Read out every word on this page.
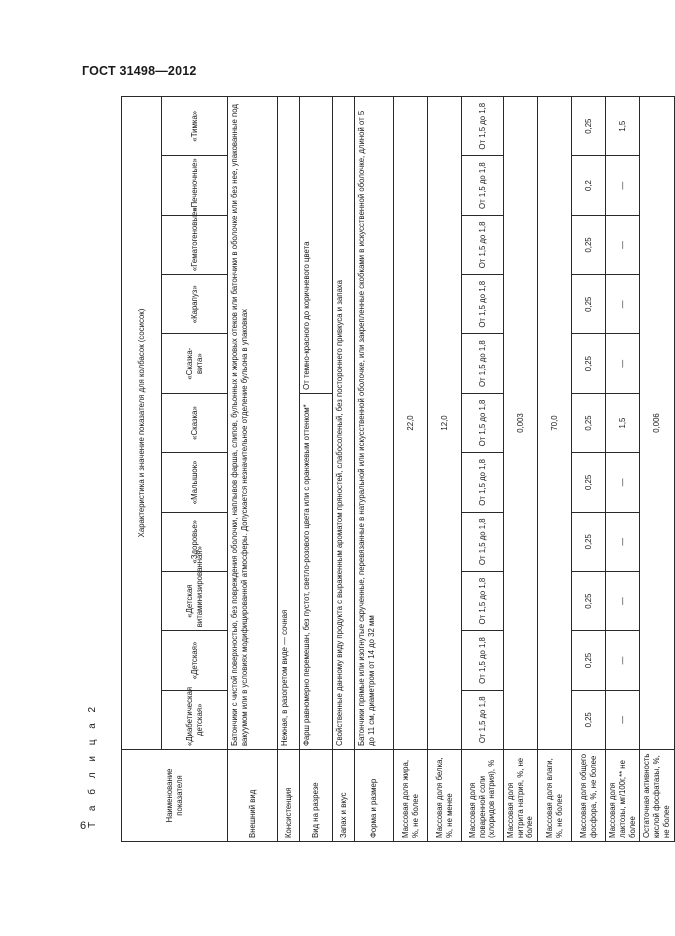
ГОСТ 31498—2012
6 Т а б л и ц а 2	Наименование показателя	Характеристика и значение показателя для колбасок (сосисок)										
	«Диабетическая детская»	«Детская»	«Детская витаминизированная»	«Здоровье»	«Малышок»	«Сказка»	«Сказка-вита»	«Карапуз»	«Гематогеновые»	«Печеночные»	«Тимка»
Внешний вид	Батончики с чистой поверхностью, без повреждения оболочки, наплывов фарша, слипов, бульонных и жировых отеков или батончики в оболочке или без нее, упакованные под вакуумом или в условиях модифицированной атмосферы. Допускается незначительное отделение бульона в упаковках										
Консистенция	Нежная, в разогретом виде — сочная										
Вид на разрезе	Фарш равномерно перемешан, без пустот, светло-розового цвета или с оранжевым оттенком*						От темно-красного до коричневого цвета				
Запах и вкус	Свойственные данному виду продукта с выраженным ароматом пряностей, слабосоленый, без постороннего привкуса и запаха										
Форма и размер	Батончики прямые или изогнутые скрученные, перевязанные в натуральной или искусственной оболочке, или закрепленные скобками в искусственной оболочке, длиной от 5 до 11 см, диаметром от 14 до 32 мм										
Массовая доля жира, %, не более	22,0										
Массовая доля белка, %, не менее	12,0										
Массовая доля поваренной соли (хлоридов натрия), %	От 1,5 до 1,8	От 1,5 до 1,8	От 1,5 до 1,8	От 1,5 до 1,8	От 1,5 до 1,8	От 1,5 до 1,8	От 1,5 до 1,8	От 1,5 до 1,8	От 1,5 до 1,8	От 1,5 до 1,8	От 1,5 до 1,8
Массовая доля нитрита натрия, %, не более	0,003										
Массовая доля влаги, %, не более	70,0										
Массовая доля общего фосфора, %, не более	0,25	0,25	0,25	0,25	0,25	0,25	0,25	0,25	0,25	0,2	0,25
Массовая доля лактозы, мг/100г,** не более	—	—	—	—	—	1,5	—	—	—	—	1,5
Остаточная активность кислой фосфатазы, %, не более	0,006										
